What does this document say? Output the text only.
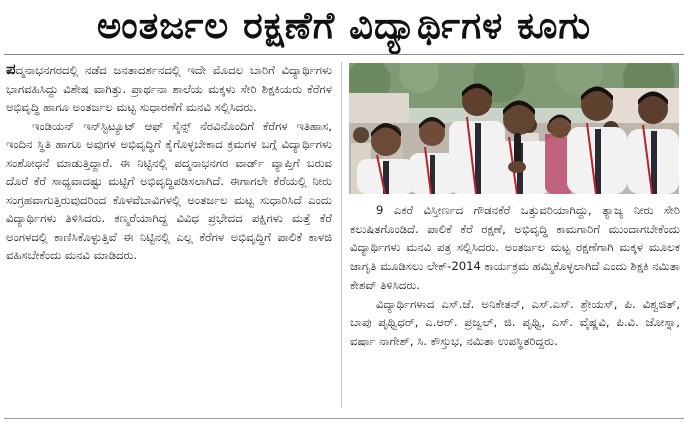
ಅಂತರ್ಜಲ ರಕ್ಷಣೆಗೆ ವಿದ್ಯಾರ್ಥಿಗಳ ಕೂಗು

ಪದ್ಮನಾಭನಗರದಲ್ಲಿ ನಡೆದ ಜನತಾದರ್ಶನದಲ್ಲಿ ಇದೇ ಮೊದಲ ಬಾರಿಗೆ ವಿದ್ಯಾರ್ಥಿಗಳು ಭಾಗವಹಿಸಿದ್ದು ವಿಶೇಷ ವಾಗಿತ್ತು. ಪ್ರಾರ್ಥನಾ ಶಾಲೆಯ ಮಕ್ಕಳು ಸೇರಿ ಶಿಕ್ಷಕಿಯರು ಕೆರೆಗಳ ಅಭಿವೃದ್ಧಿ ಹಾಗೂ ಅಂತರ್ಜಲ ಮಟ್ಟ ಸುಧಾರಣೆಗೆ ಮನವಿ ಸಲ್ಲಿಸಿದರು.

ಇಂಡಿಯನ್ ಇನ್‌ಸ್ಟಿಟ್ಯೂಟ್ ಆಫ್ ಸೈನ್ಸ್ ನೆರವಿನೊಂದಿಗೆ ಕೆರೆಗಳ ಇತಿಹಾಸ, ಇಂದಿನ ಸ್ಥಿತಿ ಹಾಗೂ ಅವುಗಳ ಅಭಿವೃದ್ಧಿಗೆ ಕೈಗೊಳ್ಳಬೇಕಾದ ಕ್ರಮಗಳ ಬಗ್ಗೆ ವಿದ್ಯಾರ್ಥಿಗಳು ಸಂಶೋಧನೆ ಮಾಡುತ್ತಿದ್ದಾರೆ. ಈ ನಿಟ್ಟಿನಲ್ಲಿ ಪದ್ಮನಾಭನಗರ ವಾರ್ಡ್ ವ್ಯಾಪ್ತಿಗೆ ಬರುವ ದೊರೆ ಕೆರೆ ಸಾಧ್ಯವಾದಷ್ಟು ಮಟ್ಟಿಗೆ ಅಭಿವೃದ್ಧಿಪಡಿಸಲಾಗಿದೆ. ಈಗಾಗಲೇ ಕೆರೆಯಲ್ಲಿ ನೀರು ಸಂಗ್ರಹವಾಗುತ್ತಿರುವುದರಿಂದ ಕೊಳವೆಬಾವಿಗಳಲ್ಲಿ ಅಂತರ್ಜಲ ಮಟ್ಟ ಸುಧಾರಿಸಿದೆ ಎಂದು ವಿದ್ಯಾರ್ಥಿಗಳು ತಿಳಿಸಿದರು. ಕಣ್ಮರೆಯಾಗಿದ್ದ ವಿವಿಧ ಪ್ರಭೇದದ ಪಕ್ಷಿಗಳು ಮತ್ತೆ ಕೆರೆ ಅಂಗಳದಲ್ಲಿ ಕಾಣಿಸಿಕೊಳ್ಳುತ್ತಿವೆ ಈ ನಿಟ್ಟಿನಲ್ಲಿ ಎಲ್ಲ ಕೆರೆಗಳ ಅಭಿವೃದ್ಧಿಗೆ ಪಾಲಿಕೆ ಕಾಳಜಿ ವಹಿಸಬೇಕೆಂದು ಮನವಿ ಮಾಡಿದರು.

9 ಎಕರೆ ವಿಸ್ತೀರ್ಣದ ಗೌಡನಕೆರೆ ಒತ್ತುವರಿಯಾಗಿದ್ದು, ತ್ಯಾಜ್ಯ ನೀರು ಸೇರಿ ಕಲುಷಿತಗೊಂಡಿದೆ. ಪಾಲಿಕೆ ಕೆರೆ ರಕ್ಷಣೆ, ಅಭಿವೃದ್ಧಿ ಕಾಮಗಾರಿಗೆ ಮುಂದಾಗಬೇಕೆಂದು ವಿದ್ಯಾರ್ಥಿಗಳು ಮನವಿ ಪತ್ರ ಸಲ್ಲಿಸಿದರು. ಅಂತರ್ಜಲ ಮಟ್ಟ ರಕ್ಷಣೆಗಾಗಿ ಮಕ್ಕಳ ಮೂಲಕ ಜಾಗೃತಿ ಮೂಡಿಸಲು ಲೇಕ್-2014 ಕಾರ್ಯಕ್ರಮ ಹಮ್ಮಿಕೊಳ್ಳಲಾಗಿದೆ ಎಂದು ಶಿಕ್ಷಕಿ ನಮಿತಾ ಕೇಶವ್ ತಿಳಿಸಿದರು.

ವಿದ್ಯಾರ್ಥಿಗಳಾದ ಎಸ್.ಜೆ. ಅನಿಕೇತನ್, ಎಸ್.ಎಸ್. ಶ್ರೇಯಸ್, ಪಿ. ವಿಶ್ವಜಿತ್, ಬಾಪು ಪೃಥ್ವಿಧರ್, ಎ.ಆರ್. ಪ್ರಜ್ವಲ್, ಜಿ. ಪೃಥ್ವಿ, ಎಸ್. ವೈಷ್ಣವಿ, ಪಿ.ವಿ. ಜೋಸ್ನಾ, ವರ್ಷಾ ನಾಗೇಶ್, ಸಿ. ಕೌಸ್ತುಭ, ನಮಿತಾ ಉಪಸ್ಥಿತರಿದ್ದರು.
